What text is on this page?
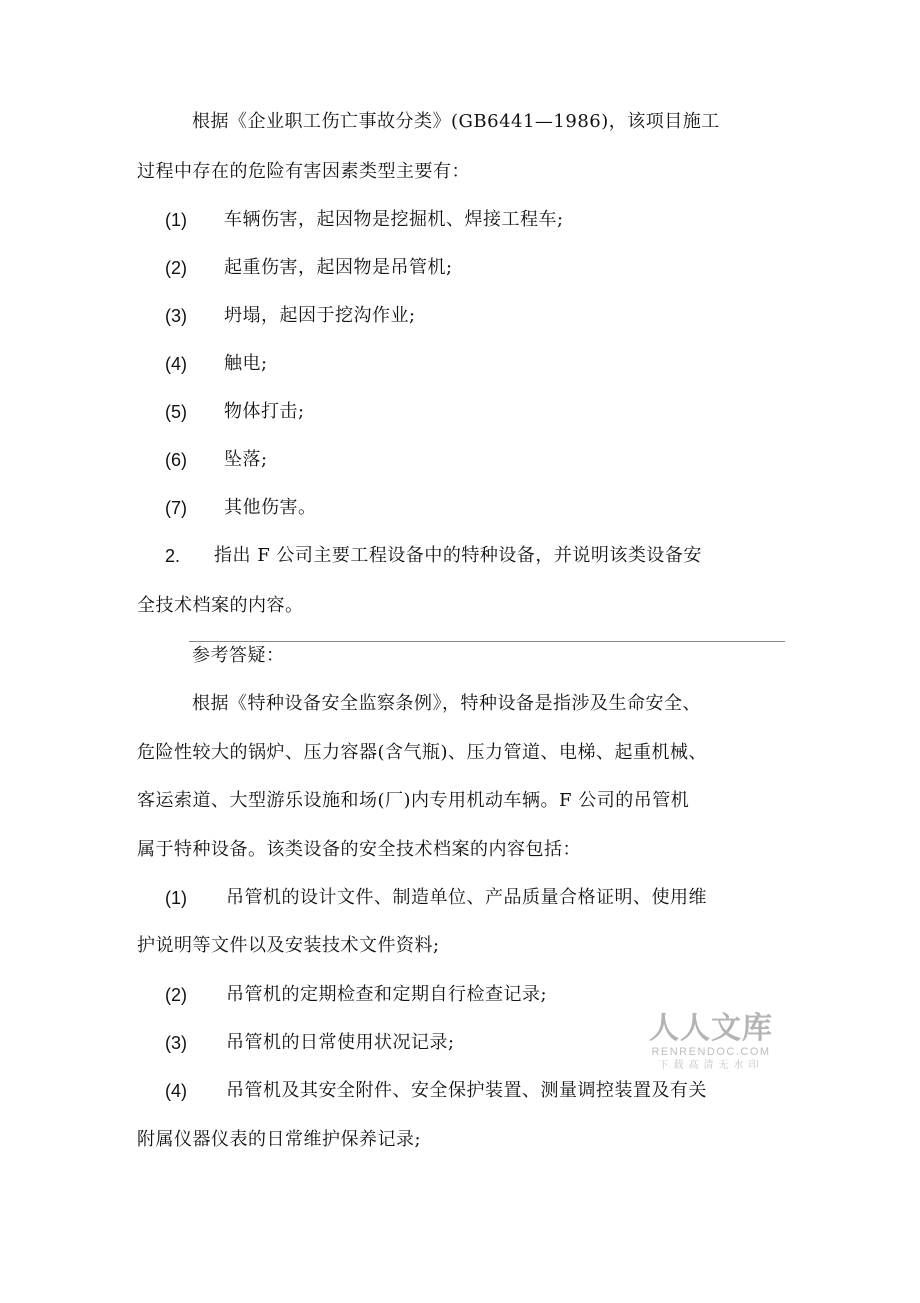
根据《企业职工伤亡事故分类》(GB6441—1986)，该项目施工
过程中存在的危险有害因素类型主要有：
(1) 车辆伤害，起因物是挖掘机、焊接工程车;
(2) 起重伤害，起因物是吊管机;
(3) 坍塌，起因于挖沟作业;
(4) 触电;
(5) 物体打击;
(6) 坠落;
(7) 其他伤害。
2. 指出 F 公司主要工程设备中的特种设备，并说明该类设备安
全技术档案的内容。
参考答疑：
根据《特种设备安全监察条例》，特种设备是指涉及生命安全、
危险性较大的锅炉、压力容器(含气瓶)、压力管道、电梯、起重机械、
客运索道、大型游乐设施和场(厂)内专用机动车辆。F 公司的吊管机
属于特种设备。该类设备的安全技术档案的内容包括：
(1) 吊管机的设计文件、制造单位、产品质量合格证明、使用维
护说明等文件以及安装技术文件资料;
(2) 吊管机的定期检查和定期自行检查记录;
(3) 吊管机的日常使用状况记录;
(4) 吊管机及其安全附件、安全保护装置、测量调控装置及有关
附属仪器仪表的日常维护保养记录;
人人文库
RENRENDOC.COM
下载高清无水印
